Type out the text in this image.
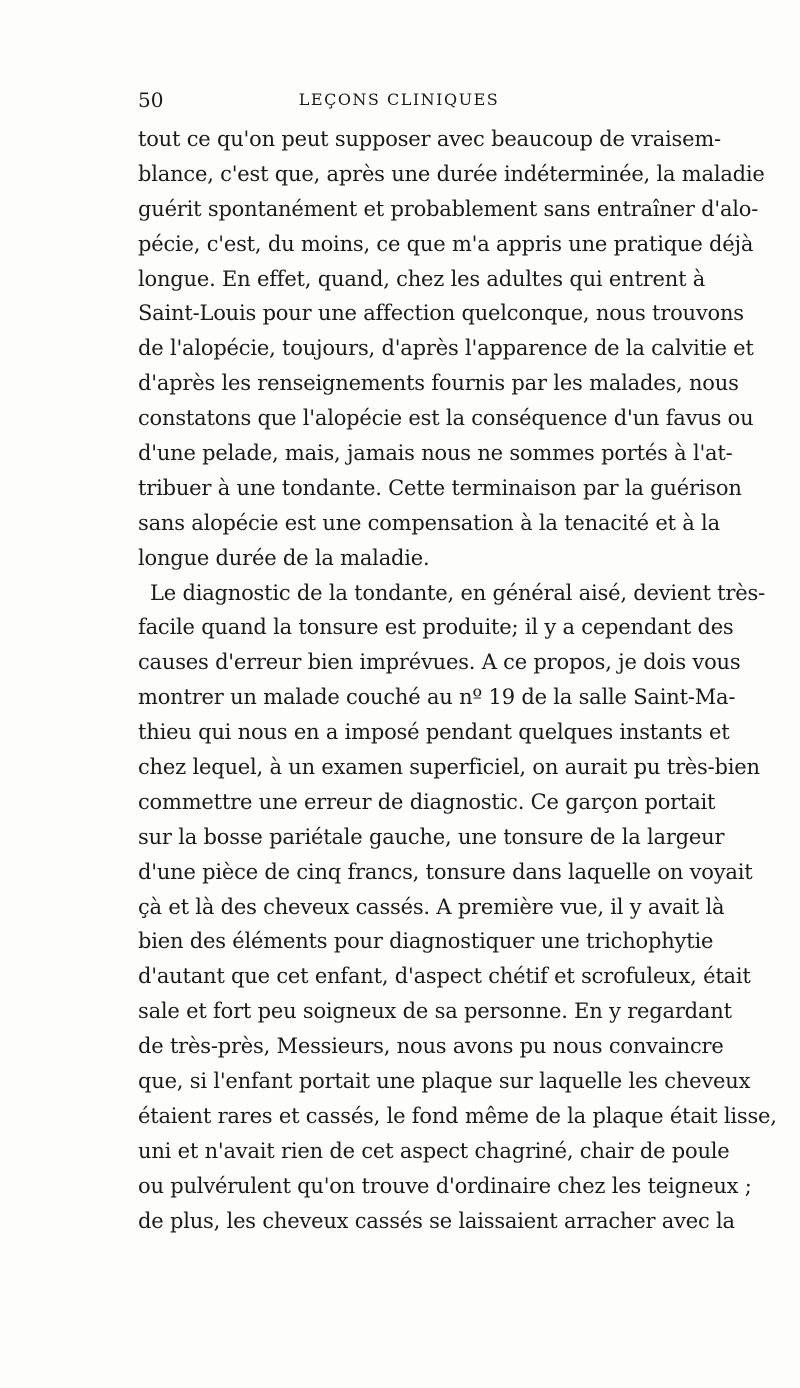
50	LEÇONS CLINIQUES
tout ce qu'on peut supposer avec beaucoup de vraisem-
blance, c'est que, après une durée indéterminée, la maladie
guérit spontanément et probablement sans entraîner d'alo-
pécie, c'est, du moins, ce que m'a appris une pratique déjà
longue. En effet, quand, chez les adultes qui entrent à
Saint-Louis pour une affection quelconque, nous trouvons
de l'alopécie, toujours, d'après l'apparence de la calvitie et
d'après les renseignements fournis par les malades, nous
constatons que l'alopécie est la conséquence d'un favus ou
d'une pelade, mais, jamais nous ne sommes portés à l'at-
tribuer à une tondante. Cette terminaison par la guérison
sans alopécie est une compensation à la tenacité et à la
longue durée de la maladie.
Le diagnostic de la tondante, en général aisé, devient très-
facile quand la tonsure est produite; il y a cependant des
causes d'erreur bien imprévues. A ce propos, je dois vous
montrer un malade couché au nº 19 de la salle Saint-Ma-
thieu qui nous en a imposé pendant quelques instants et
chez lequel, à un examen superficiel, on aurait pu très-bien
commettre une erreur de diagnostic. Ce garçon portait
sur la bosse pariétale gauche, une tonsure de la largeur
d'une pièce de cinq francs, tonsure dans laquelle on voyait
çà et là des cheveux cassés. A première vue, il y avait là
bien des éléments pour diagnostiquer une trichophytie
d'autant que cet enfant, d'aspect chétif et scrofuleux, était
sale et fort peu soigneux de sa personne. En y regardant
de très-près, Messieurs, nous avons pu nous convaincre
que, si l'enfant portait une plaque sur laquelle les cheveux
étaient rares et cassés, le fond même de la plaque était lisse,
uni et n'avait rien de cet aspect chagriné, chair de poule
ou pulvérulent qu'on trouve d'ordinaire chez les teigneux ;
de plus, les cheveux cassés se laissaient arracher avec la
